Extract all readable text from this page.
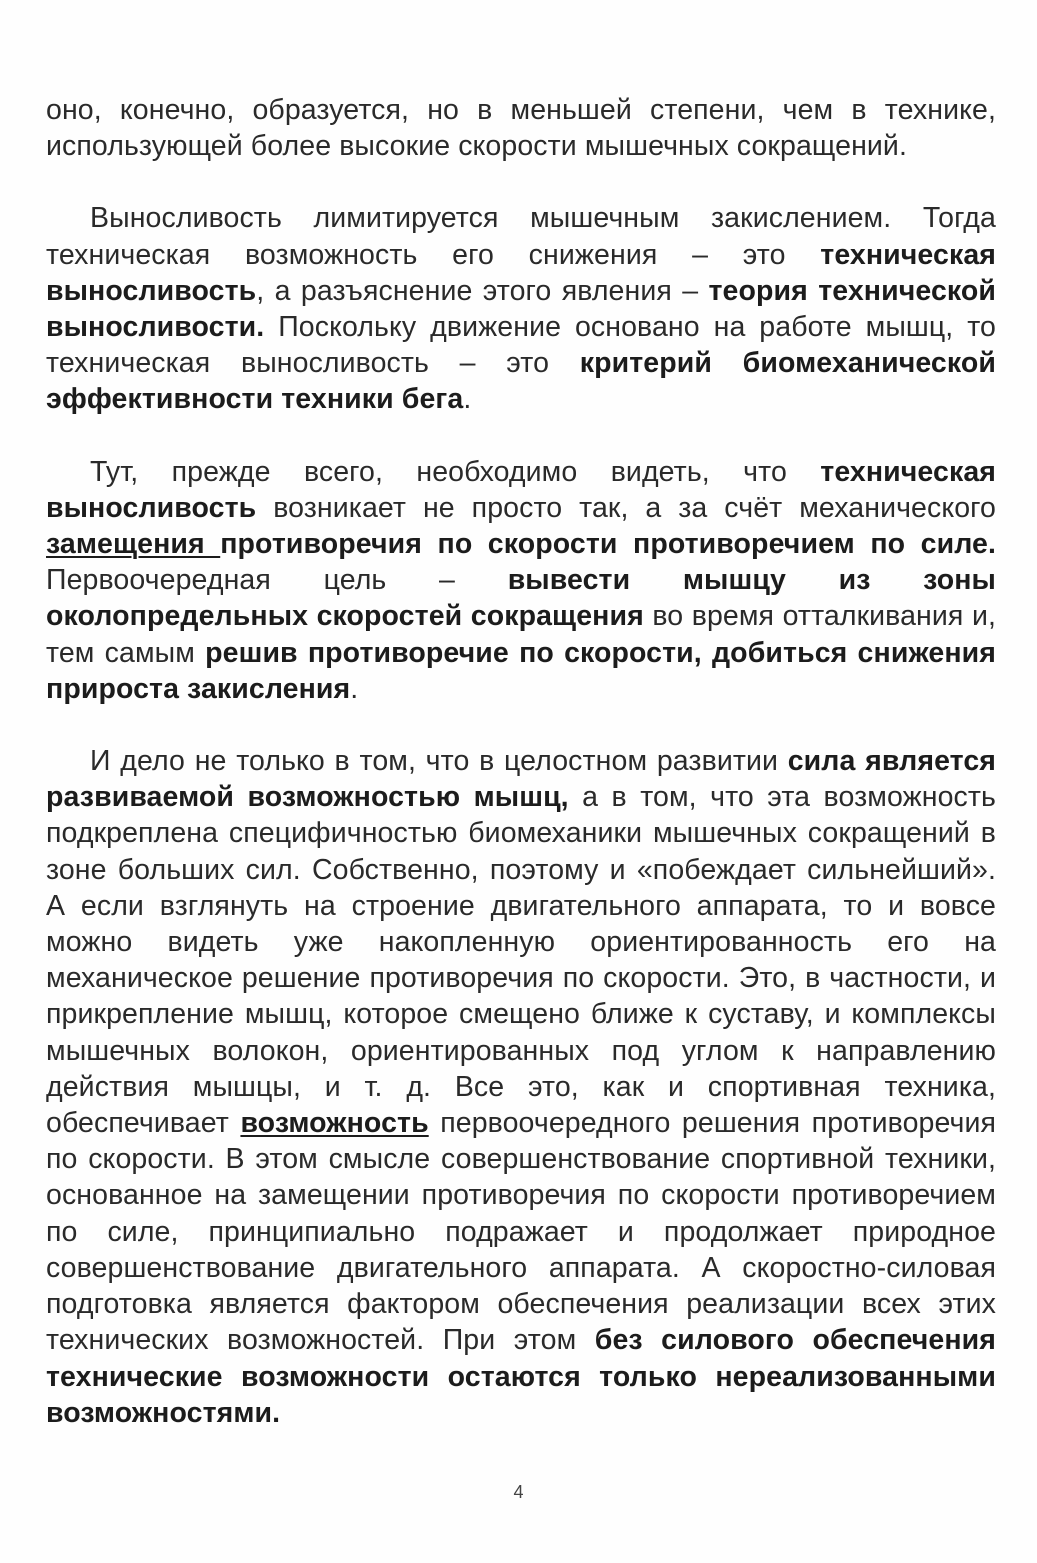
оно, конечно, образуется, но в меньшей степени, чем в технике, использующей более высокие скорости мышечных сокращений.

Выносливость лимитируется мышечным закислением. Тогда техническая возможность его снижения – это техническая выносливость, а разъяснение этого явления – теория технической выносливости. Поскольку движение основано на работе мышц, то техническая выносливость – это критерий биомеханической эффективности техники бега.

Тут, прежде всего, необходимо видеть, что техническая выносливость возникает не просто так, а за счёт механического замещения противоречия по скорости противоречием по силе. Первоочередная цель – вывести мышцу из зоны околопредельных скоростей сокращения во время отталкивания и, тем самым решив противоречие по скорости, добиться снижения прироста закисления.

И дело не только в том, что в целостном развитии сила является развиваемой возможностью мышц, а в том, что эта возможность подкреплена специфичностью биомеханики мышечных сокращений в зоне больших сил. Собственно, поэтому и «побеждает сильнейший». А если взглянуть на строение двигательного аппарата, то и вовсе можно видеть уже накопленную ориентированность его на механическое решение противоречия по скорости. Это, в частности, и прикрепление мышц, которое смещено ближе к суставу, и комплексы мышечных волокон, ориентированных под углом к направлению действия мышцы, и т. д. Все это, как и спортивная техника, обеспечивает возможность первоочередного решения противоречия по скорости. В этом смысле совершенствование спортивной техники, основанное на замещении противоречия по скорости противоречием по силе, принципиально подражает и продолжает природное совершенствование двигательного аппарата. А скоростно-силовая подготовка является фактором обеспечения реализации всех этих технических возможностей. При этом без силового обеспечения технические возможности остаются только нереализованными возможностями.

4
